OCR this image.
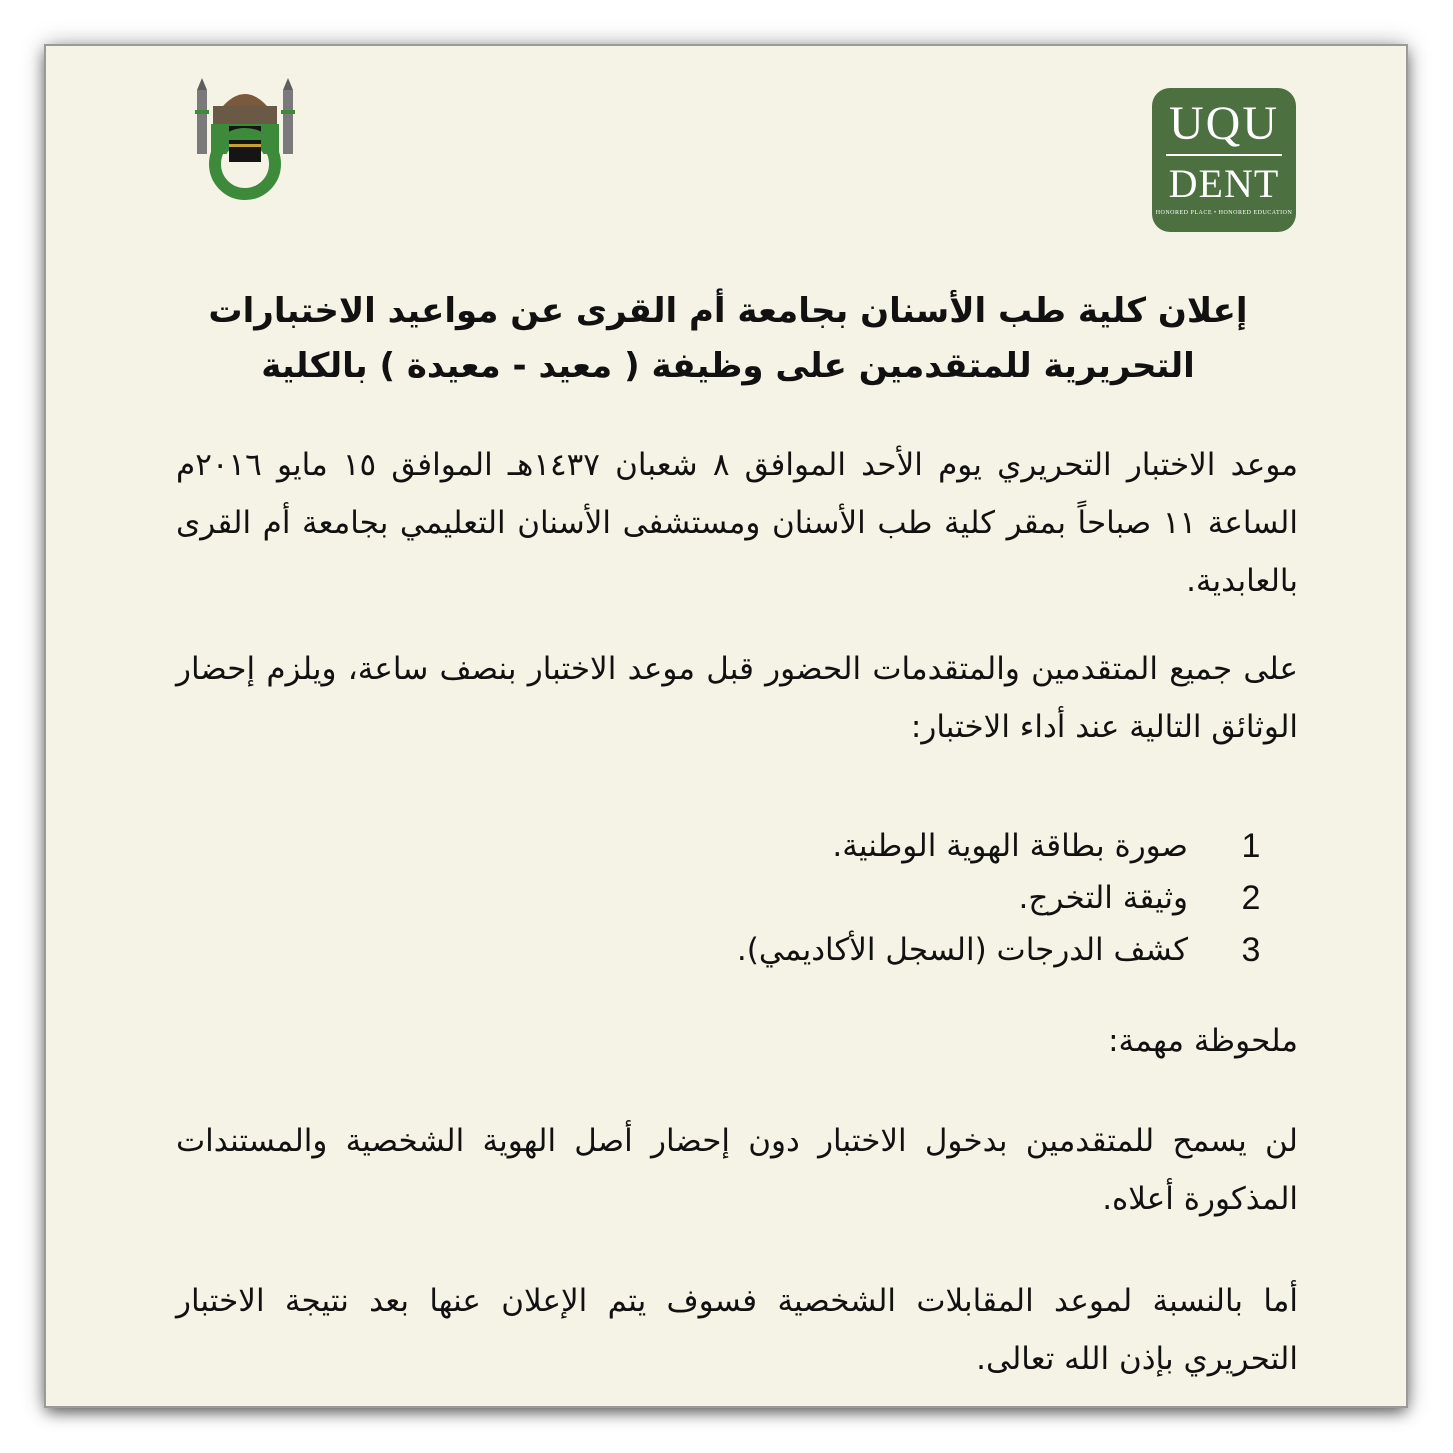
UQU
DENT
HONORED PLACE • HONORED EDUCATION
إعلان كلية طب الأسنان بجامعة أم القرى عن مواعيد الاختبارات التحريرية للمتقدمين على وظيفة ( معيد - معيدة ) بالكلية
موعد الاختبار التحريري يوم الأحد الموافق ٨ شعبان ١٤٣٧هـ الموافق ١٥ مايو ٢٠١٦م الساعة ١١ صباحاً بمقر كلية طب الأسنان ومستشفى الأسنان التعليمي بجامعة أم القرى بالعابدية.
على جميع المتقدمين والمتقدمات الحضور قبل موعد الاختبار بنصف ساعة، ويلزم إحضار الوثائق التالية عند أداء الاختبار:
1
صورة بطاقة الهوية الوطنية.
2
وثيقة التخرج.
3
كشف الدرجات (السجل الأكاديمي).
ملحوظة مهمة:
لن يسمح للمتقدمين بدخول الاختبار دون إحضار أصل الهوية الشخصية والمستندات المذكورة أعلاه.
أما بالنسبة لموعد المقابلات الشخصية فسوف يتم الإعلان عنها بعد نتيجة الاختبار التحريري بإذن الله تعالى.
